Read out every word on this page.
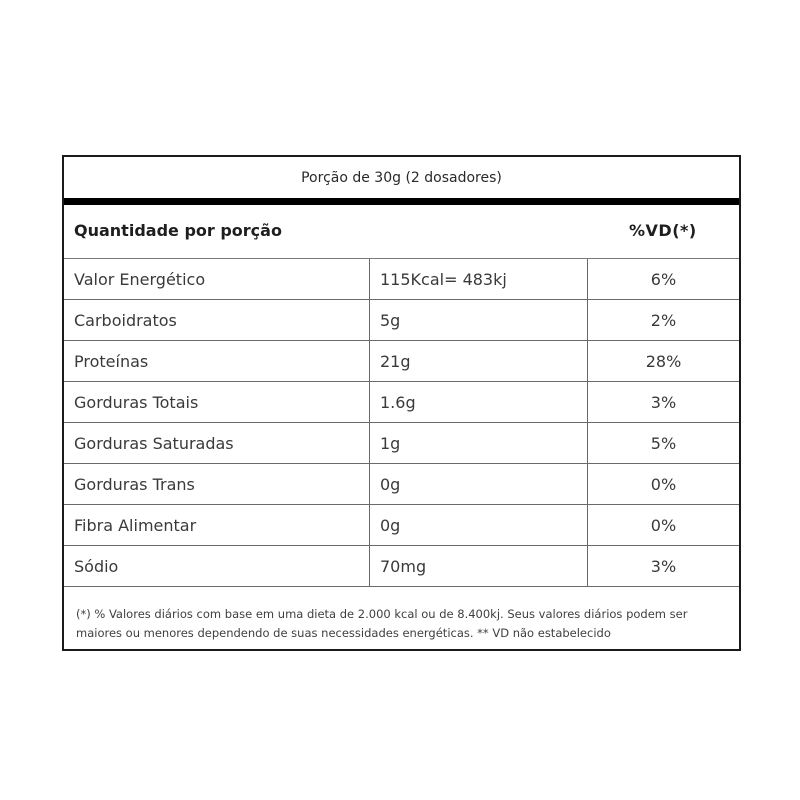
Porção de 30g (2 dosadores)
Quantidade por porção	%VD(*)
Valor Energético	115Kcal= 483kj	6%
Carboidratos	5g	2%
Proteínas	21g	28%
Gorduras Totais	1.6g	3%
Gorduras Saturadas	1g	5%
Gorduras Trans	0g	0%
Fibra Alimentar	0g	0%
Sódio	70mg	3%
(*) % Valores diários com base em uma dieta de 2.000 kcal ou de 8.400kj. Seus valores diários podem ser
maiores ou menores dependendo de suas necessidades energéticas. ** VD não estabelecido
